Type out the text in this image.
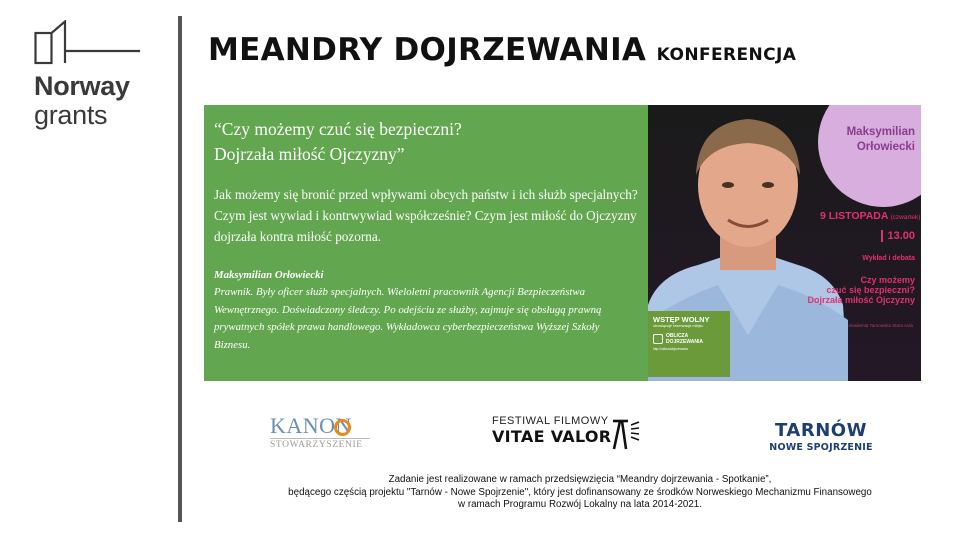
Norway
grants
MEANDRY DOJRZEWANIA KONFERENCJA
“Czy możemy czuć się bezpieczni?
Dojrzała miłość Ojczyzny”
Jak możemy się bronić przed wpływami obcych państw i ich służb specjalnych? Czym jest wywiad i kontrwywiad współcześnie? Czym jest miłość do Ojczyzny dojrzała kontra miłość pozorna.
Maksymilian Orłowiecki
Prawnik. Były oficer służb specjalnych. Wieloletni pracownik Agencji Bezpieczeństwa Wewnętrznego. Doświadczony śledczy. Po odejściu ze służby, zajmuje się obsługą prawną prywatnych spółek prawa handlowego. Wykładowca cyberbezpieczeństwa Wyższej Szkoły Biznesu.
Maksymilian
Orłowiecki
9 LISTOPADA (czwartek)
13.00
Wykład i debata
Czy możemy
czuć się bezpieczni?
Dojrzała miłość Ojczyzny
Akademia Tarnowska Stara Aula
WSTĘP WOLNY
obowiązuje rezerwacja miejsc
OBLICZA
DOJRZEWANIA
http://obliczadojrzewania
KANON
STOWARZYSZENIE
FESTIWAL FILMOWY
VITAE VALOR	TARNÓW
NOWE SPOJRZENIE
Zadanie jest realizowane w ramach przedsięwzięcia “Meandry dojrzewania - Spotkanie”,
będącego częścią projektu "Tarnów - Nowe Spojrzenie", który jest dofinansowany ze środków Norweskiego Mechanizmu Finansowego
w ramach Programu Rozwój Lokalny na lata 2014-2021.
